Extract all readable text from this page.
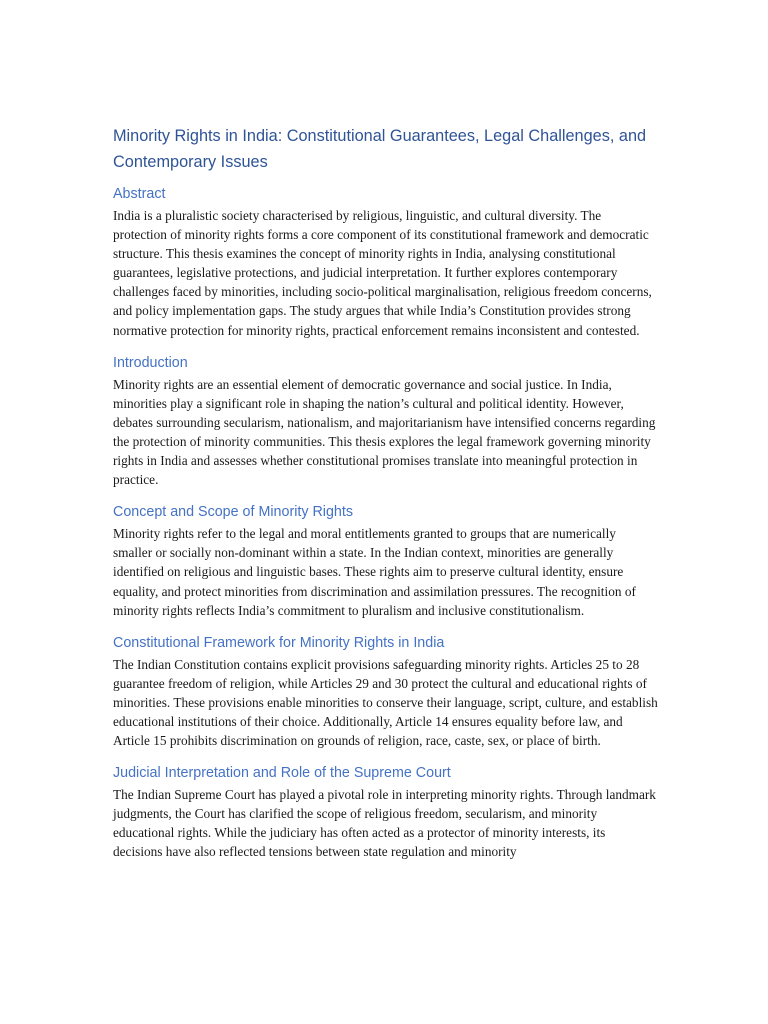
Minority Rights in India: Constitutional Guarantees, Legal Challenges, and Contemporary Issues
Abstract

India is a pluralistic society characterised by religious, linguistic, and cultural diversity. The protection of minority rights forms a core component of its constitutional framework and democratic structure. This thesis examines the concept of minority rights in India, analysing constitutional guarantees, legislative protections, and judicial interpretation. It further explores contemporary challenges faced by minorities, including socio-political marginalisation, religious freedom concerns, and policy implementation gaps. The study argues that while India’s Constitution provides strong normative protection for minority rights, practical enforcement remains inconsistent and contested.

Introduction

Minority rights are an essential element of democratic governance and social justice. In India, minorities play a significant role in shaping the nation’s cultural and political identity. However, debates surrounding secularism, nationalism, and majoritarianism have intensified concerns regarding the protection of minority communities. This thesis explores the legal framework governing minority rights in India and assesses whether constitutional promises translate into meaningful protection in practice.

Concept and Scope of Minority Rights

Minority rights refer to the legal and moral entitlements granted to groups that are numerically smaller or socially non-dominant within a state. In the Indian context, minorities are generally identified on religious and linguistic bases. These rights aim to preserve cultural identity, ensure equality, and protect minorities from discrimination and assimilation pressures. The recognition of minority rights reflects India’s commitment to pluralism and inclusive constitutionalism.

Constitutional Framework for Minority Rights in India

The Indian Constitution contains explicit provisions safeguarding minority rights. Articles 25 to 28 guarantee freedom of religion, while Articles 29 and 30 protect the cultural and educational rights of minorities. These provisions enable minorities to conserve their language, script, culture, and establish educational institutions of their choice. Additionally, Article 14 ensures equality before law, and Article 15 prohibits discrimination on grounds of religion, race, caste, sex, or place of birth.

Judicial Interpretation and Role of the Supreme Court

The Indian Supreme Court has played a pivotal role in interpreting minority rights. Through landmark judgments, the Court has clarified the scope of religious freedom, secularism, and minority educational rights. While the judiciary has often acted as a protector of minority interests, its decisions have also reflected tensions between state regulation and minority
